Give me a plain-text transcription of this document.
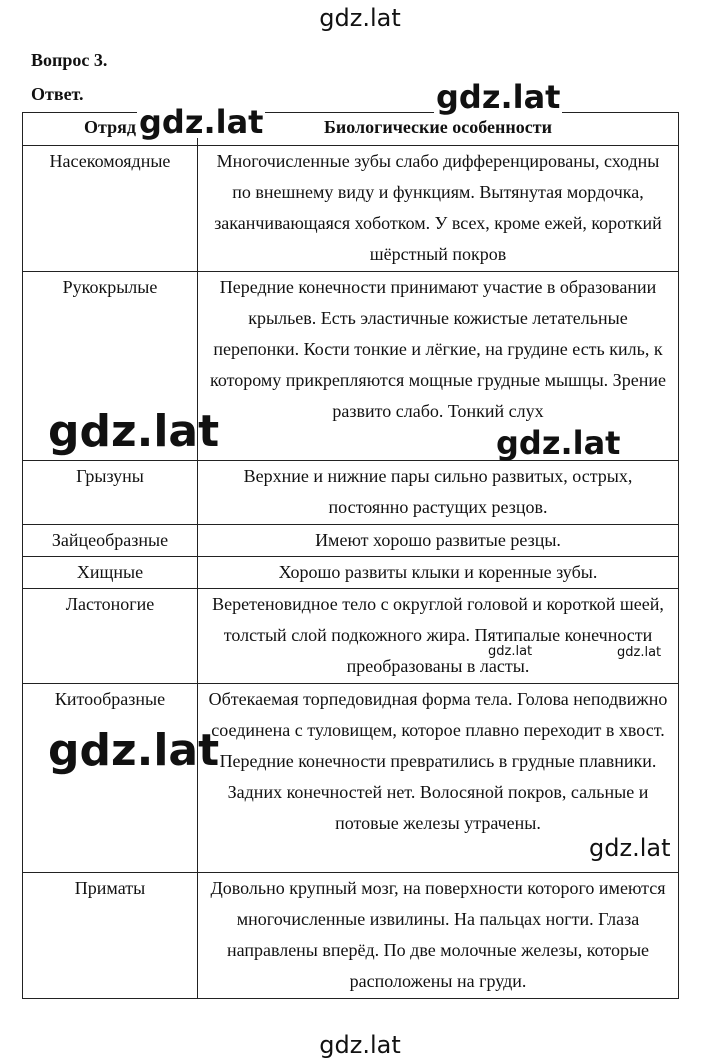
gdz.lat
Вопрос 3.
Ответ.
Отряд	Биологические особенности
Насекомоядные	Многочисленные зубы слабо дифференцированы, сходны по внешнему виду и функциям. Вытянутая мордочка, заканчивающаяся хоботком. У всех, кроме ежей, короткий шёрстный покров
Рукокрылые	Передние конечности принимают участие в образовании крыльев. Есть эластичные кожистые летательные перепонки. Кости тонкие и лёгкие, на грудине есть киль, к которому прикрепляются мощные грудные мышцы. Зрение развито слабо. Тонкий слух
Грызуны	Верхние и нижние пары сильно развитых, острых, постоянно растущих резцов.
Зайцеобразные	Имеют хорошо развитые резцы.
Хищные	Хорошо развиты клыки и коренные зубы.
Ластоногие	Веретеновидное тело с округлой головой и короткой шеей, толстый слой подкожного жира. Пятипалые конечности преобразованы в ласты.
Китообразные	Обтекаемая торпедовидная форма тела. Голова неподвижно соединена с туловищем, которое плавно переходит в хвост. Передние конечности превратились в грудные плавники. Задних конечностей нет. Волосяной покров, сальные и потовые железы утрачены.
Приматы	Довольно крупный мозг, на поверхности которого имеются многочисленные извилины. На пальцах ногти. Глаза направлены вперёд. По две молочные железы, которые расположены на груди.
gdz.lat
gdz.lat
gdz.lat	gdz.lat
gdz.lat
gdz.lat	gdz.lat
gdz.lat
gdz.lat
